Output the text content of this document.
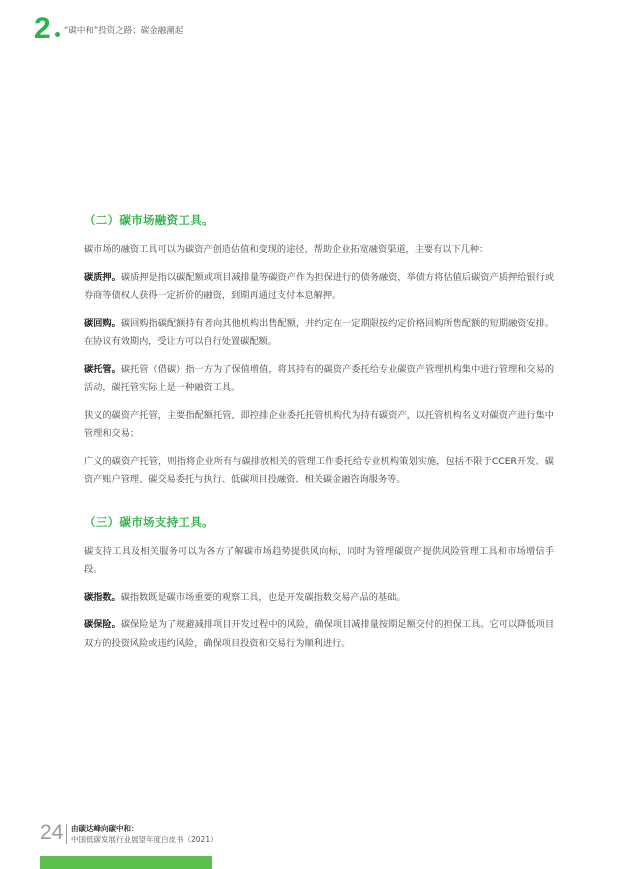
2 “碳中和”投资之路：碳金融潮起
（二）碳市场融资工具。

碳市场的融资工具可以为碳资产创造估值和变现的途径，帮助企业拓宽融资渠道，主要有以下几种：

碳质押。碳质押是指以碳配额或项目减排量等碳资产作为担保进行的债务融资，举债方将估值后碳资产质押给银行或券商等债权人获得一定折价的融资，到期再通过支付本息解押。

碳回购。碳回购指碳配额持有者向其他机构出售配额，并约定在一定期限按约定价格回购所售配额的短期融资安排。在协议有效期内，受让方可以自行处置碳配额。

碳托管。碳托管（借碳）指一方为了保值增值，将其持有的碳资产委托给专业碳资产管理机构集中进行管理和交易的活动，碳托管实际上是一种融资工具。

狭义的碳资产托管，主要指配额托管，即控排企业委托托管机构代为持有碳资产，以托管机构名义对碳资产进行集中管理和交易；

广义的碳资产托管，则指将企业所有与碳排放相关的管理工作委托给专业机构策划实施，包括不限于CCER开发、碳资产账户管理、碳交易委托与执行、低碳项目投融资、相关碳金融咨询服务等。

（三）碳市场支持工具。

碳支持工具及相关服务可以为各方了解碳市场趋势提供风向标，同时为管理碳资产提供风险管理工具和市场增信手段。

碳指数。碳指数既是碳市场重要的观察工具，也是开发碳指数交易产品的基础。

碳保险。碳保险是为了规避减排项目开发过程中的风险，确保项目减排量按期足额交付的担保工具。它可以降低项目双方的投资风险或违约风险，确保项目投资和交易行为顺利进行。

24 由碳达峰向碳中和：
中国低碳发展行业展望年度白皮书（2021）
